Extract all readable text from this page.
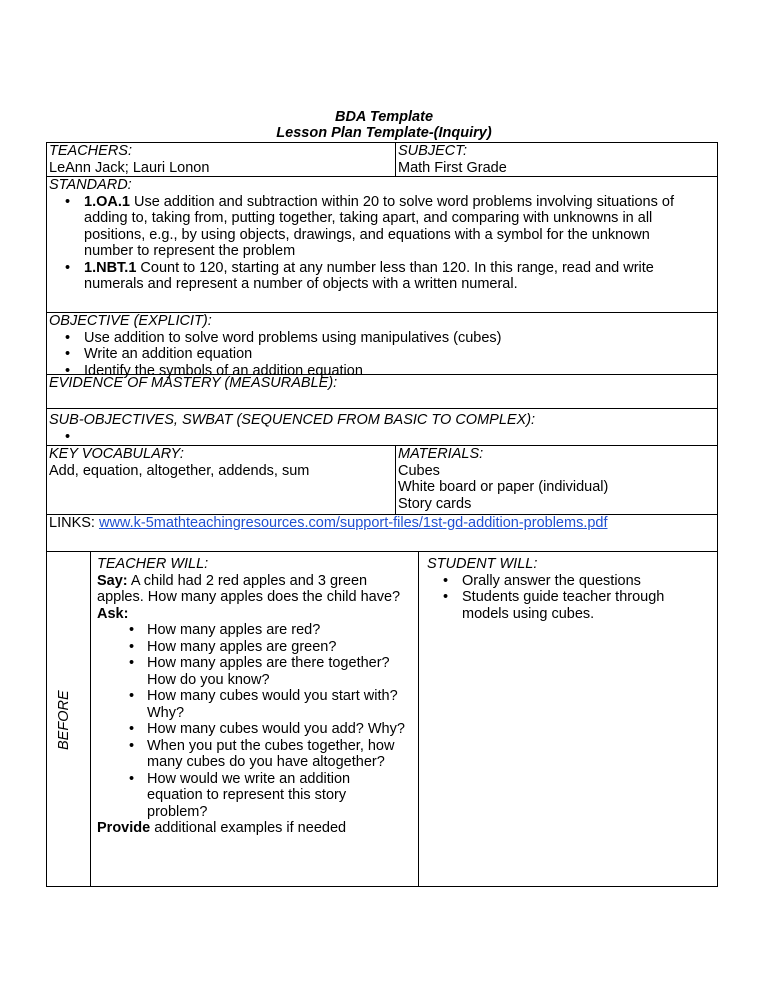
BDA Template
Lesson Plan Template-(Inquiry)
TEACHERS:
LeAnn Jack; Lauri Lonon
SUBJECT:
Math First Grade
STANDARD:
• 1.OA.1 Use addition and subtraction within 20 to solve word problems involving situations of adding to, taking from, putting together, taking apart, and comparing with unknowns in all positions, e.g., by using objects, drawings, and equations with a symbol for the unknown number to represent the problem
• 1.NBT.1 Count to 120, starting at any number less than 120. In this range, read and write numerals and represent a number of objects with a written numeral.
OBJECTIVE (EXPLICIT):
• Use addition to solve word problems using manipulatives (cubes)
• Write an addition equation
• Identify the symbols of an addition equation
EVIDENCE OF MASTERY (MEASURABLE):
SUB-OBJECTIVES, SWBAT (SEQUENCED FROM BASIC TO COMPLEX):
•
KEY VOCABULARY:
Add, equation, altogether, addends, sum
MATERIALS:
Cubes
White board or paper (individual)
Story cards
LINKS: www.k-5mathteachingresources.com/support-files/1st-gd-addition-problems.pdf
BEFORE
TEACHER WILL:
Say: A child had 2 red apples and 3 green apples. How many apples does the child have?
Ask:
• How many apples are red?
• How many apples are green?
• How many apples are there together? How do you know?
• How many cubes would you start with? Why?
• How many cubes would you add? Why?
• When you put the cubes together, how many cubes do you have altogether?
• How would we write an addition equation to represent this story problem?
Provide additional examples if needed
STUDENT WILL:
• Orally answer the questions
• Students guide teacher through models using cubes.
